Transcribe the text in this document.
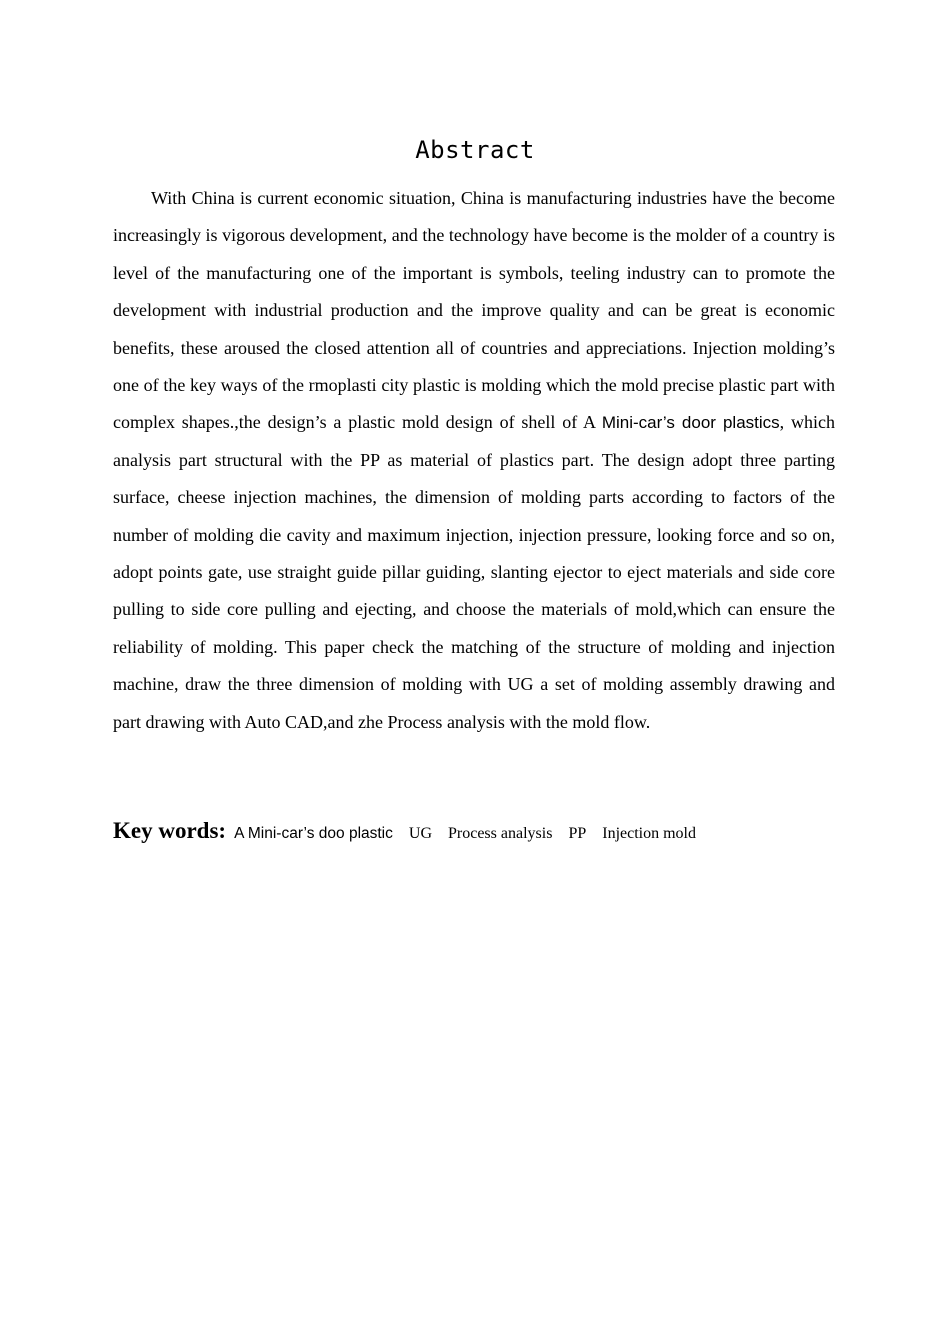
Abstract

With China is current economic situation, China is manufacturing industries have the become increasingly is vigorous development, and the technology have become is the molder of a country is level of the manufacturing one of the important is symbols, teeling industry can to promote the development with industrial production and the improve quality and can be great is economic benefits, these aroused the closed attention all of countries and appreciations. Injection molding’s one of the key ways of the rmoplasti city plastic is molding which the mold precise plastic part with complex shapes.,the design’s a plastic mold design of shell of A Mini-car’s door plastics, which analysis part structural with the PP as material of plastics part. The design adopt three parting surface, cheese injection machines, the dimension of molding parts according to factors of the number of molding die cavity and maximum injection, injection pressure, looking force and so on, adopt points gate, use straight guide pillar guiding, slanting ejector to eject materials and side core pulling to side core pulling and ejecting, and choose the materials of mold,which can ensure the reliability of molding. This paper check the matching of the structure of molding and injection machine, draw the three dimension of molding with UG a set of molding assembly drawing and part drawing with Auto CAD,and zhe Process analysis with the mold flow.

Key words: A Mini-car’s doo plastic UG Process analysis PP Injection mold
